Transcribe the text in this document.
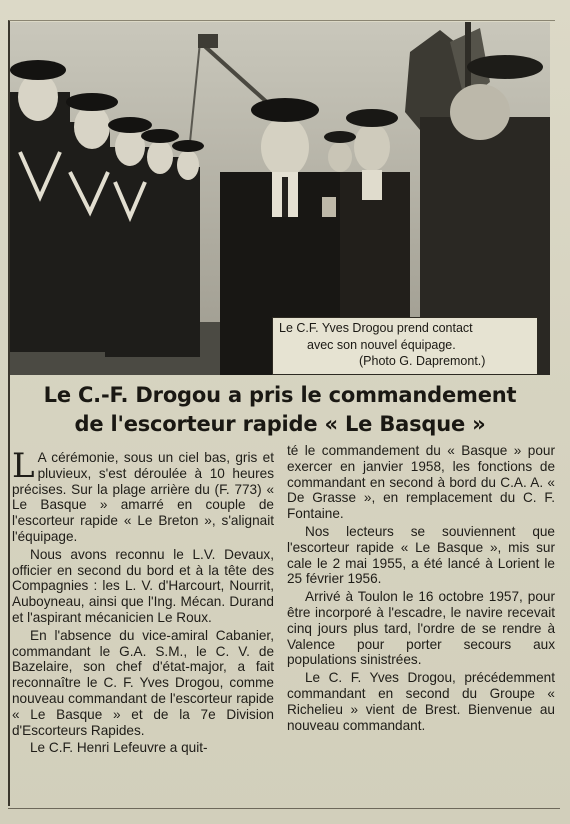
Le C.F. Yves Drogou prend contact
avec son nouvel équipage.
(Photo G. Dapremont.)
Le C.-F. Drogou a pris le commandement
de l'escorteur rapide « Le Basque »

L A cérémonie, sous un ciel bas, gris et pluvieux, s'est déroulée à 10 heures précises. Sur la plage arrière du (F. 773) « Le Basque » amarré en couple de l'escorteur rapide « Le Breton », s'alignait l'équipage.

Nous avons reconnu le L.V. Devaux, officier en second du bord et à la tête des Compagnies : les L. V. d'Harcourt, Nourrit, Auboyneau, ainsi que l'Ing. Mécan. Durand et l'aspirant mécanicien Le Roux.

En l'absence du vice-amiral Cabanier, commandant le G.A. S.M., le C. V. de Bazelaire, son chef d'état-major, a fait reconnaître le C. F. Yves Drogou, comme nouveau commandant de l'escorteur rapide « Le Basque » et de la 7e Division d'Escorteurs Rapides.

Le C.F. Henri Lefeuvre a quit-

té le commandement du « Basque » pour exercer en janvier 1958, les fonctions de commandant en second à bord du C.A. A. « De Grasse », en remplacement du C. F. Fontaine.

Nos lecteurs se souviennent que l'escorteur rapide « Le Basque », mis sur cale le 2 mai 1955, a été lancé à Lorient le 25 février 1956.

Arrivé à Toulon le 16 octobre 1957, pour être incorporé à l'escadre, le navire recevait cinq jours plus tard, l'ordre de se rendre à Valence pour porter secours aux populations sinistrées.

Le C. F. Yves Drogou, précédemment commandant en second du Groupe « Richelieu » vient de Brest. Bienvenue au nouveau commandant.
